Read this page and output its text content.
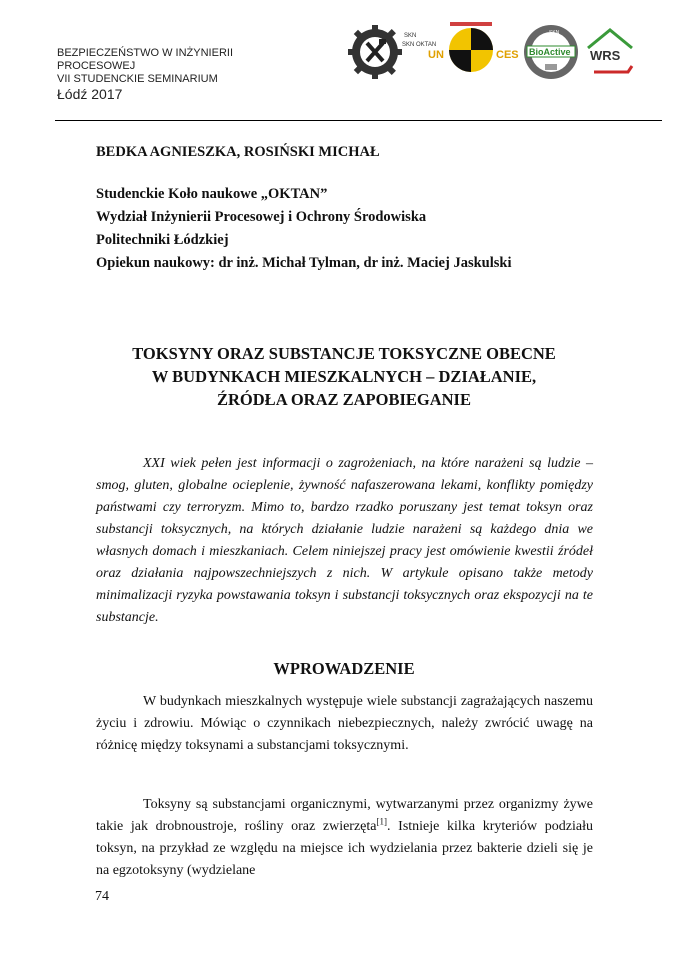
BEZPIECZEŃSTWO W INŻYNIERII
PROCESOWEJ
VII STUDENCKIE SEMINARIUM
Łódź 2017
SKN
SKN OKTAN
UN	CES
SKN
BioActive WRS
BEDKA AGNIESZKA, ROSIŃSKI MICHAŁ
Studenckie Koło naukowe „OKTAN”
Wydział Inżynierii Procesowej i Ochrony Środowiska
Politechniki Łódzkiej
Opiekun naukowy: dr inż. Michał Tylman, dr inż. Maciej Jaskulski
TOKSYNY ORAZ SUBSTANCJE TOKSYCZNE OBECNE
W BUDYNKACH MIESZKALNYCH – DZIAŁANIE,
ŹRÓDŁA ORAZ ZAPOBIEGANIE
XXI wiek pełen jest informacji o zagrożeniach, na które narażeni są ludzie – smog, gluten, globalne ocieplenie, żywność nafaszerowana lekami, konflikty pomiędzy państwami czy terroryzm. Mimo to, bardzo rzadko poruszany jest temat toksyn oraz substancji toksycznych, na których działanie ludzie narażeni są każdego dnia we własnych domach i mieszkaniach. Celem niniejszej pracy jest omówienie kwestii źródeł oraz działania najpowszechniejszych z nich. W artykule opisano także metody minimalizacji ryzyka powstawania toksyn i substancji toksycznych oraz ekspozycji na te substancje.
WPROWADZENIE
W budynkach mieszkalnych występuje wiele substancji zagrażających naszemu życiu i zdrowiu. Mówiąc o czynnikach niebezpiecznych, należy zwrócić uwagę na różnicę między toksynami a substancjami toksycznymi.
Toksyny są substancjami organicznymi, wytwarzanymi przez organizmy żywe takie jak drobnoustroje, rośliny oraz zwierzęta[1]. Istnieje kilka kryteriów podziału toksyn, na przykład ze względu na miejsce ich wydzielania przez bakterie dzieli się je na egzotoksyny (wydzielane
74
